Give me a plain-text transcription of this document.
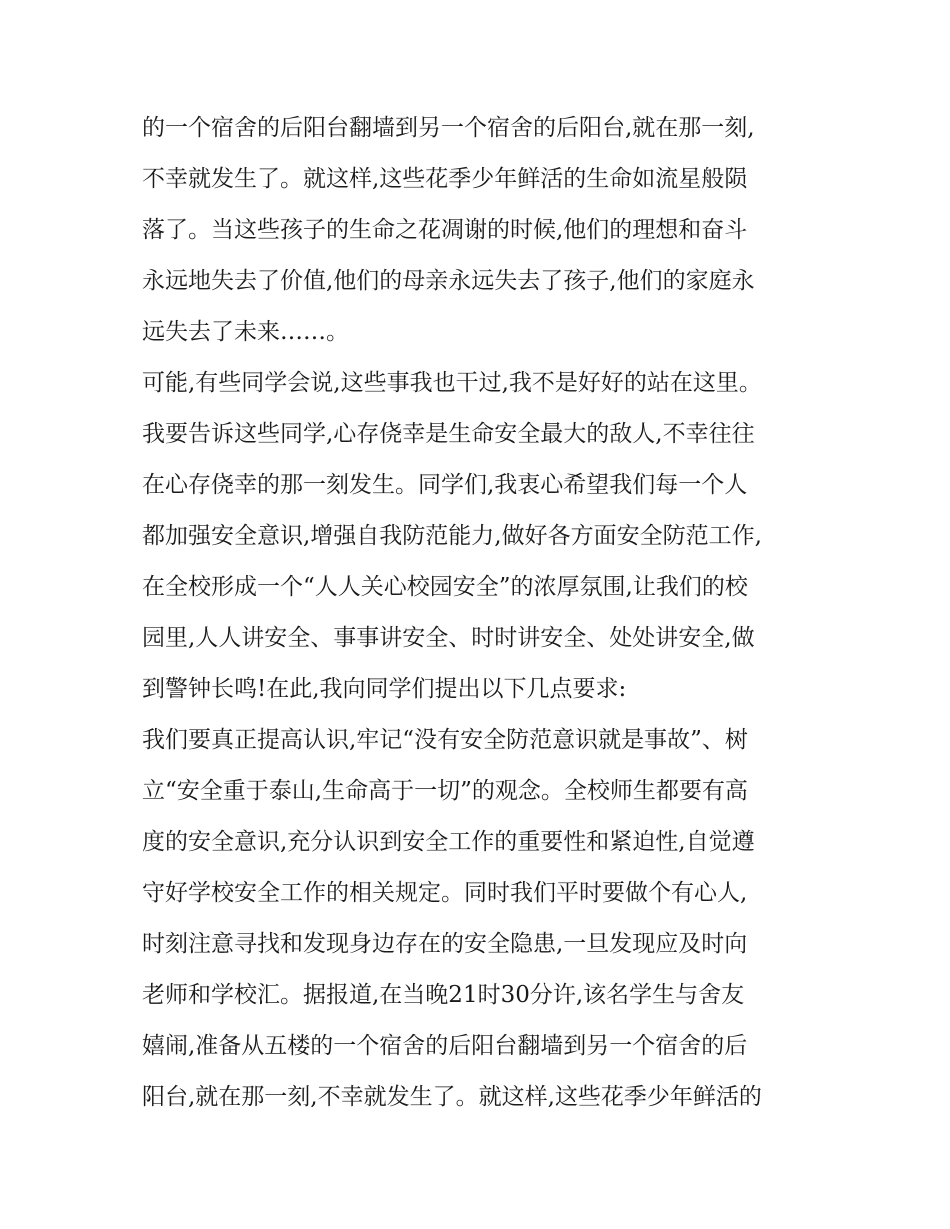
的一个宿舍的后阳台翻墙到另一个宿舍的后阳台,就在那一刻,
不幸就发生了。就这样,这些花季少年鲜活的生命如流星般陨
落了。当这些孩子的生命之花凋谢的时候,他们的理想和奋斗
永远地失去了价值,他们的母亲永远失去了孩子,他们的家庭永
远失去了未来……。
可能,有些同学会说,这些事我也干过,我不是好好的站在这里。
我要告诉这些同学,心存侥幸是生命安全最大的敌人,不幸往往
在心存侥幸的那一刻发生。同学们,我衷心希望我们每一个人
都加强安全意识,增强自我防范能力,做好各方面安全防范工作,
在全校形成一个“人人关心校园安全”的浓厚氛围,让我们的校
园里,人人讲安全、事事讲安全、时时讲安全、处处讲安全,做
到警钟长鸣!在此,我向同学们提出以下几点要求:
我们要真正提高认识,牢记“没有安全防范意识就是事故”、树
立“安全重于泰山,生命高于一切”的观念。全校师生都要有高
度的安全意识,充分认识到安全工作的重要性和紧迫性,自觉遵
守好学校安全工作的相关规定。同时我们平时要做个有心人,
时刻注意寻找和发现身边存在的安全隐患,一旦发现应及时向
老师和学校汇。据报道,在当晚21时30分许,该名学生与舍友
嬉闹,准备从五楼的一个宿舍的后阳台翻墙到另一个宿舍的后
阳台,就在那一刻,不幸就发生了。就这样,这些花季少年鲜活的
